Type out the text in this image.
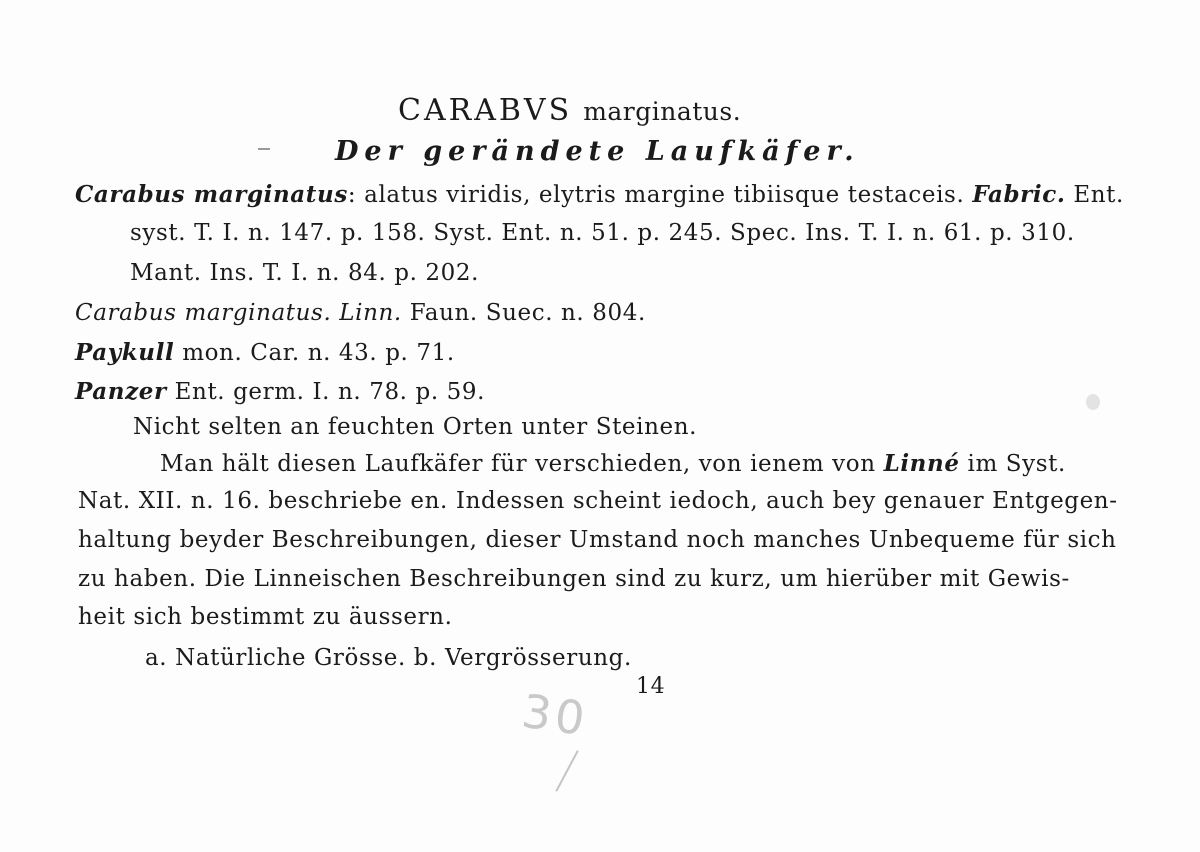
CARABVS marginatus.
Der gerändete Laufkäfer.
Carabus marginatus: alatus viridis, elytris margine tibiisque testaceis. Fabric. Ent.
syst. T. I. n. 147. p. 158. Syst. Ent. n. 51. p. 245. Spec. Ins. T. I. n. 61. p. 310.
Mant. Ins. T. I. n. 84. p. 202.
Carabus marginatus. Linn. Faun. Suec. n. 804.
Paykull mon. Car. n. 43. p. 71.
Panzer Ent. germ. I. n. 78. p. 59.
Nicht selten an feuchten Orten unter Steinen.
Man hält diesen Laufkäfer für verschieden, von ienem von Linné im Syst.
Nat. XII. n. 16. beschriebe en. Indessen scheint iedoch, auch bey genauer Entgegen-
haltung beyder Beschreibungen, dieser Umstand noch manches Unbequeme für sich
zu haben. Die Linneischen Beschreibungen sind zu kurz, um hierüber mit Gewis-
heit sich bestimmt zu äussern.
a. Natürliche Grösse. b. Vergrösserung.
14
30
